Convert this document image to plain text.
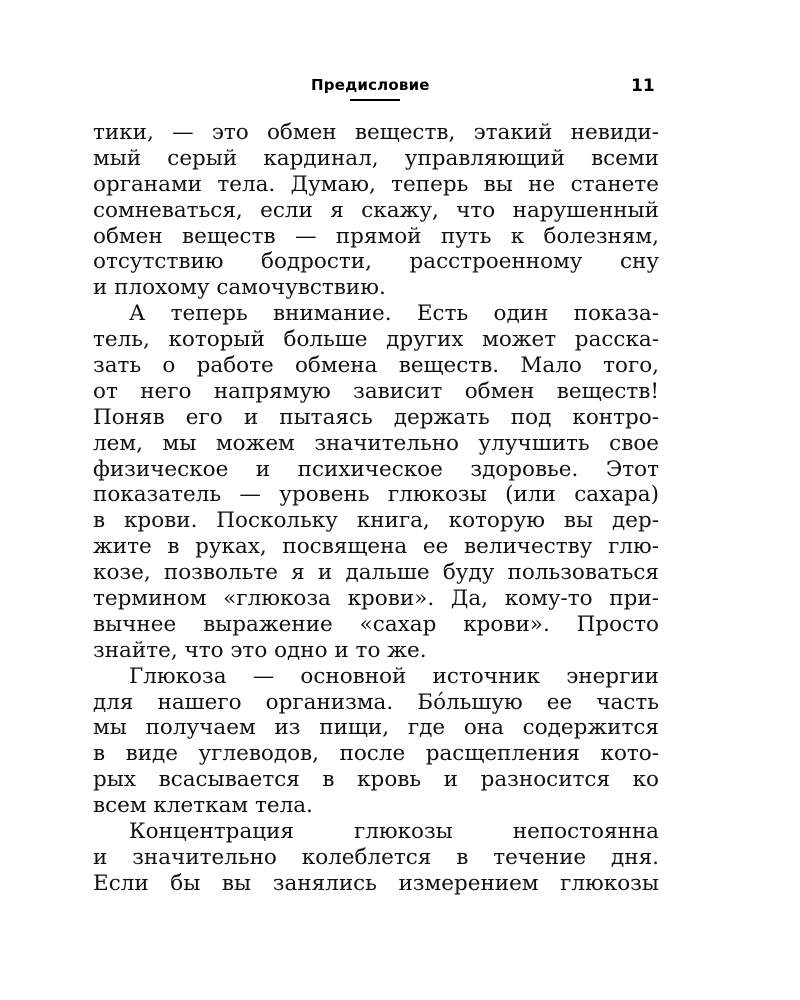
Предисловие	11
тики, — это обмен веществ, этакий невиди-
мый серый кардинал, управляющий всеми
органами тела. Думаю, теперь вы не станете
сомневаться, если я скажу, что нарушенный
обмен веществ — прямой путь к болезням,
отсутствию бодрости, расстроенному сну
и плохому самочувствию.
А теперь внимание. Есть один показа-
тель, который больше других может расска-
зать о работе обмена веществ. Мало того,
от него напрямую зависит обмен веществ!
Поняв его и пытаясь держать под контро-
лем, мы можем значительно улучшить свое
физическое и психическое здоровье. Этот
показатель — уровень глюкозы (или сахара)
в крови. Поскольку книга, которую вы дер-
жите в руках, посвящена ее величеству глю-
козе, позвольте я и дальше буду пользоваться
термином «глюкоза крови». Да, кому-то при-
вычнее выражение «сахар крови». Просто
знайте, что это одно и то же.
Глюкоза — основной источник энергии
для нашего организма. Бóльшую ее часть
мы получаем из пищи, где она содержится
в виде углеводов, после расщепления кото-
рых всасывается в кровь и разносится ко
всем клеткам тела.
Концентрация глюкозы непостоянна
и значительно колеблется в течение дня.
Если бы вы занялись измерением глюкозы
